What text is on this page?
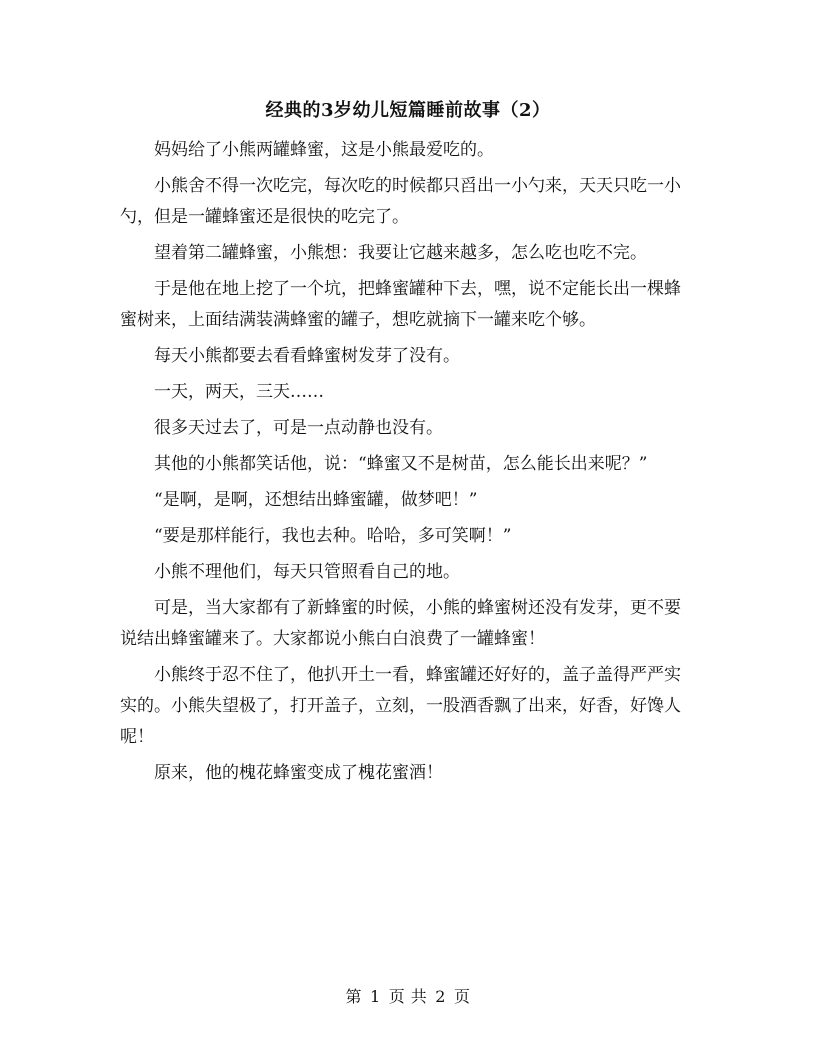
经典的3岁幼儿短篇睡前故事（2）

妈妈给了小熊两罐蜂蜜，这是小熊最爱吃的。

小熊舍不得一次吃完，每次吃的时候都只舀出一小勺来，天天只吃一小勺，但是一罐蜂蜜还是很快的吃完了。

望着第二罐蜂蜜，小熊想：我要让它越来越多，怎么吃也吃不完。

于是他在地上挖了一个坑，把蜂蜜罐种下去，嘿，说不定能长出一棵蜂蜜树来，上面结满装满蜂蜜的罐子，想吃就摘下一罐来吃个够。

每天小熊都要去看看蜂蜜树发芽了没有。

一天，两天，三天……

很多天过去了，可是一点动静也没有。

其他的小熊都笑话他，说：“蜂蜜又不是树苗，怎么能长出来呢？”

“是啊，是啊，还想结出蜂蜜罐，做梦吧！”

“要是那样能行，我也去种。哈哈，多可笑啊！”

小熊不理他们，每天只管照看自己的地。

可是，当大家都有了新蜂蜜的时候，小熊的蜂蜜树还没有发芽，更不要说结出蜂蜜罐来了。大家都说小熊白白浪费了一罐蜂蜜！

小熊终于忍不住了，他扒开土一看，蜂蜜罐还好好的，盖子盖得严严实实的。小熊失望极了，打开盖子，立刻，一股酒香飘了出来，好香，好馋人呢！

原来，他的槐花蜂蜜变成了槐花蜜酒！

第 1 页 共 2 页
